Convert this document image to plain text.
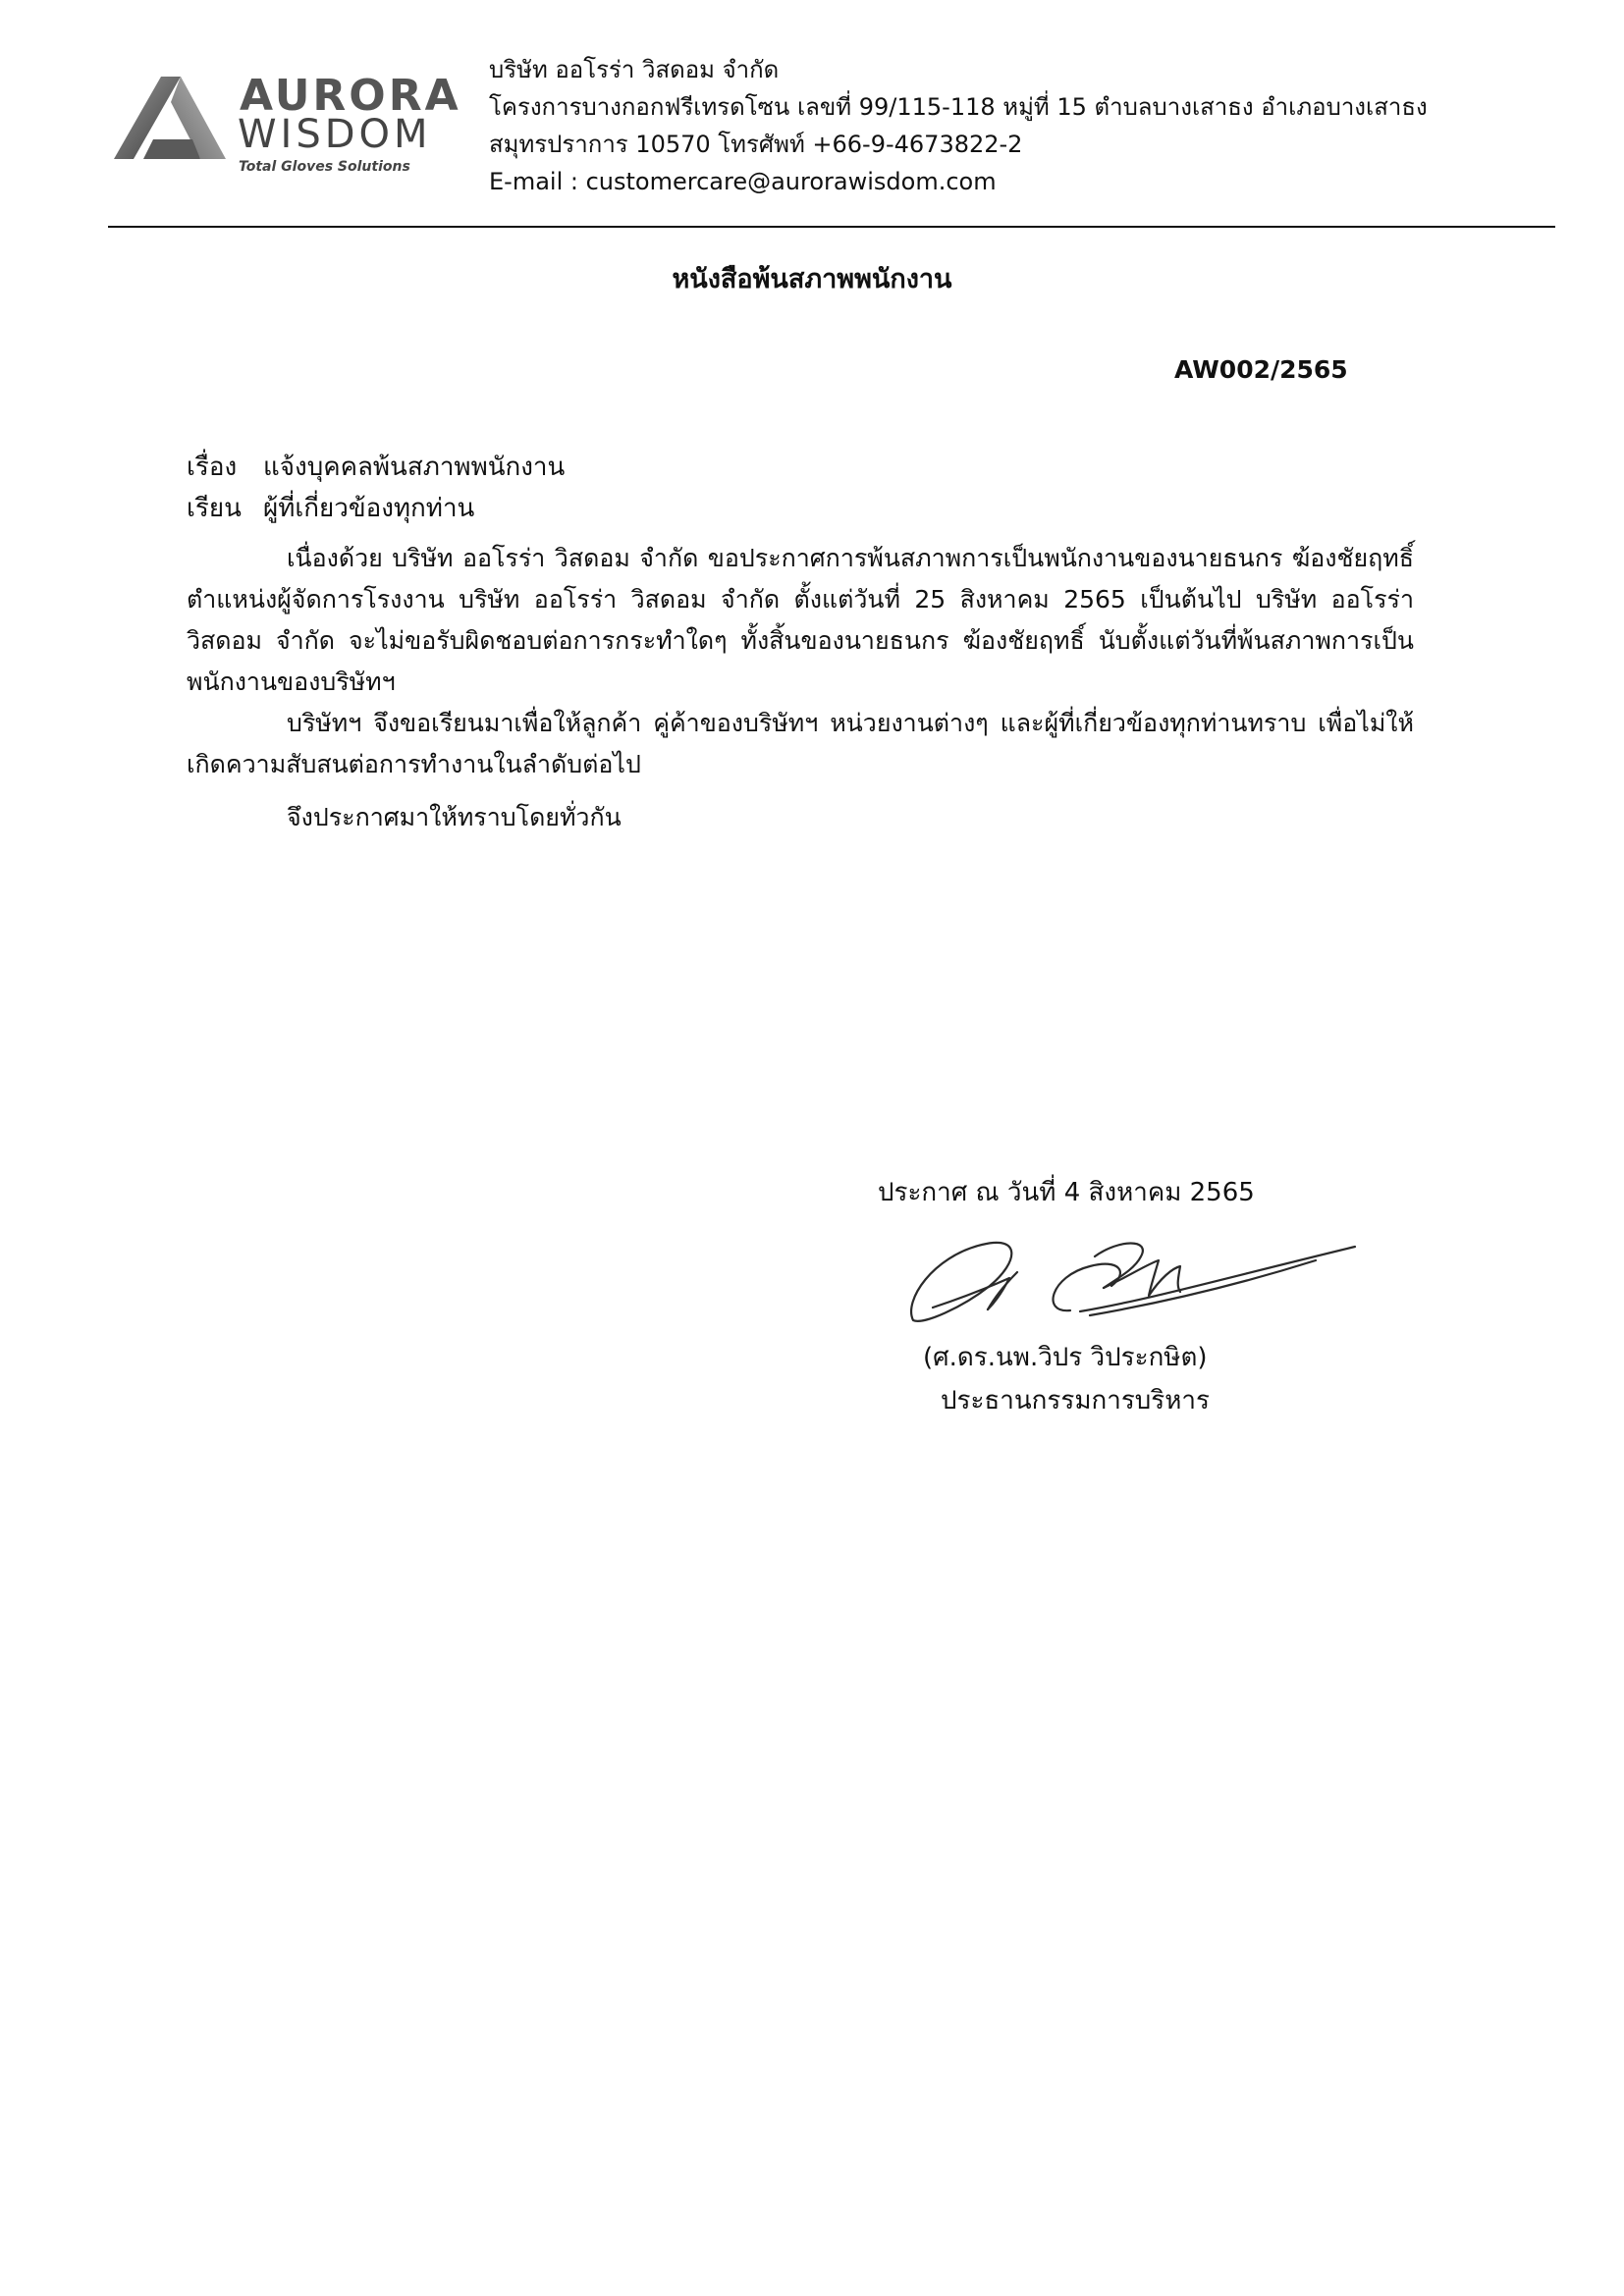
AURORA
WISDOM
Total Gloves Solutions
บริษัท ออโรร่า วิสดอม จำกัด
โครงการบางกอกฟรีเทรดโซน เลขที่ 99/115-118 หมู่ที่ 15 ตำบลบางเสาธง อำเภอบางเสาธง
สมุทรปราการ 10570 โทรศัพท์ +66-9-4673822-2
E-mail : customercare@aurorawisdom.com
หนังสือพ้นสภาพพนักงาน
AW002/2565
เรื่อง แจ้งบุคคลพ้นสภาพพนักงาน
เรียน ผู้ที่เกี่ยวข้องทุกท่าน

เนื่องด้วย บริษัท ออโรร่า วิสดอม จำกัด ขอประกาศการพ้นสภาพการเป็นพนักงานของนายธนกร ฆ้องชัยฤทธิ์ ตำแหน่งผู้จัดการโรงงาน บริษัท ออโรร่า วิสดอม จำกัด ตั้งแต่วันที่ 25 สิงหาคม 2565 เป็นต้นไป บริษัท ออโรร่า วิสดอม จำกัด จะไม่ขอรับผิดชอบต่อการกระทำใดๆ ทั้งสิ้นของนายธนกร ฆ้องชัยฤทธิ์ นับตั้งแต่วันที่พ้นสภาพการเป็นพนักงานของบริษัทฯ

บริษัทฯ จึงขอเรียนมาเพื่อให้ลูกค้า คู่ค้าของบริษัทฯ หน่วยงานต่างๆ และผู้ที่เกี่ยวข้องทุกท่านทราบ เพื่อไม่ให้เกิดความสับสนต่อการทำงานในลำดับต่อไป

จึงประกาศมาให้ทราบโดยทั่วกัน

ประกาศ ณ วันที่ 4 สิงหาคม 2565
(ศ.ดร.นพ.วิปร วิประกษิต)
ประธานกรรมการบริหาร
